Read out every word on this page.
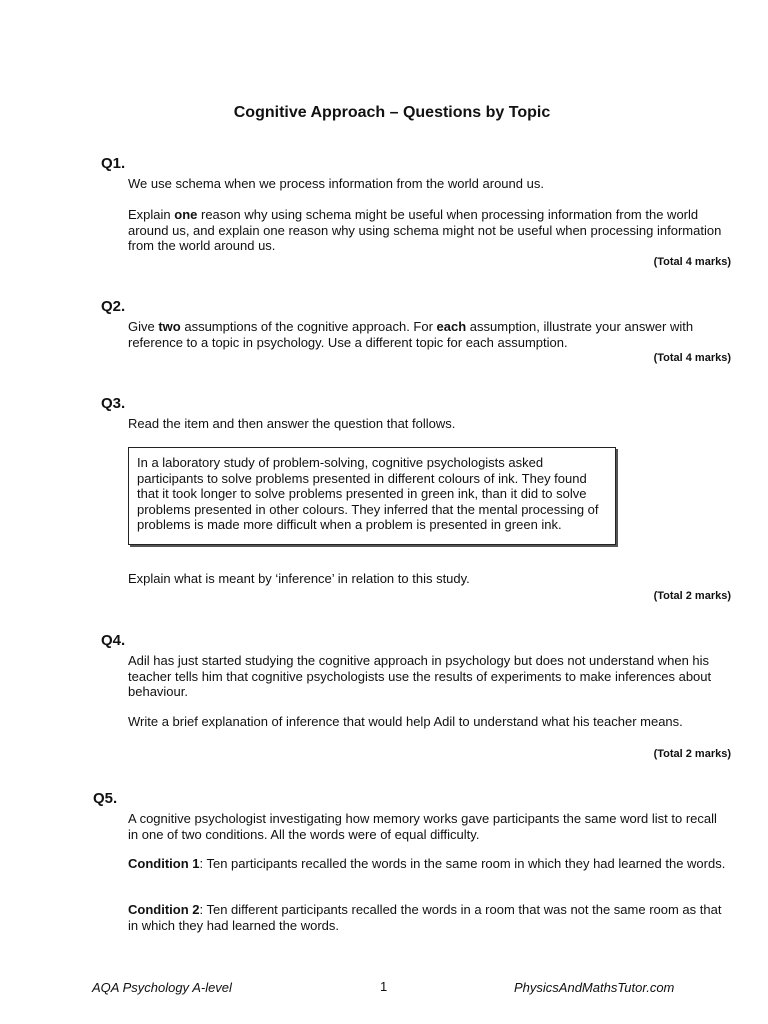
Cognitive Approach – Questions by Topic
Q1.
We use schema when we process information from the world around us.
Explain one reason why using schema might be useful when processing information from the world around us, and explain one reason why using schema might not be useful when processing information from the world around us.
(Total 4 marks)
Q2.
Give two assumptions of the cognitive approach. For each assumption, illustrate your answer with reference to a topic in psychology. Use a different topic for each assumption.
(Total 4 marks)
Q3.
Read the item and then answer the question that follows.
In a laboratory study of problem-solving, cognitive psychologists asked participants to solve problems presented in different colours of ink. They found that it took longer to solve problems presented in green ink, than it did to solve problems presented in other colours. They inferred that the mental processing of problems is made more difficult when a problem is presented in green ink.
Explain what is meant by ‘inference’ in relation to this study.
(Total 2 marks)
Q4.
Adil has just started studying the cognitive approach in psychology but does not understand when his teacher tells him that cognitive psychologists use the results of experiments to make inferences about behaviour.
Write a brief explanation of inference that would help Adil to understand what his teacher means.
(Total 2 marks)
Q5.
A cognitive psychologist investigating how memory works gave participants the same word list to recall in one of two conditions. All the words were of equal difficulty.
Condition 1: Ten participants recalled the words in the same room in which they had learned the words.
Condition 2: Ten different participants recalled the words in a room that was not the same room as that in which they had learned the words.
AQA Psychology A-level	1	PhysicsAndMathsTutor.com
